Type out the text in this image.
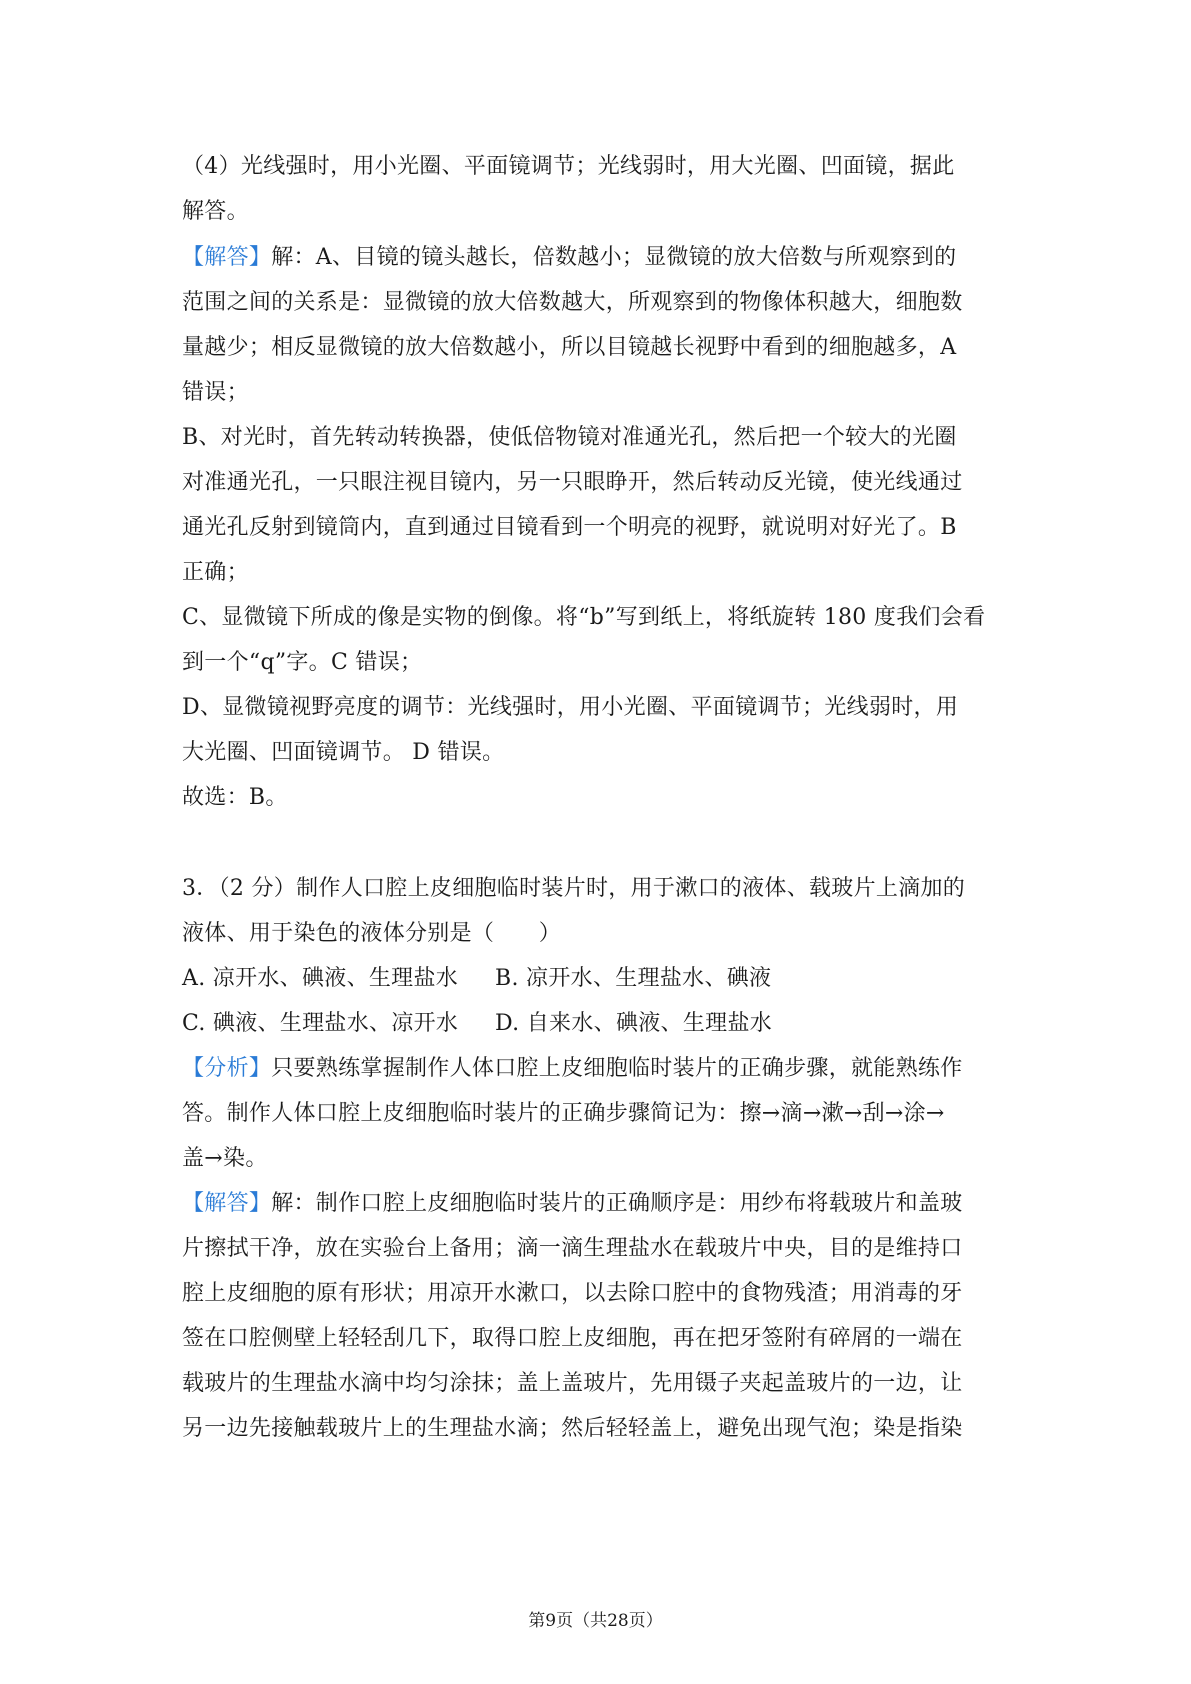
（4）光线强时，用小光圈、平面镜调节；光线弱时，用大光圈、凹面镜，据此
解答。
【解答】解：A、目镜的镜头越长，倍数越小；显微镜的放大倍数与所观察到的
范围之间的关系是：显微镜的放大倍数越大，所观察到的物像体积越大，细胞数
量越少；相反显微镜的放大倍数越小，所以目镜越长视野中看到的细胞越多，A
错误；
B、对光时，首先转动转换器，使低倍物镜对准通光孔，然后把一个较大的光圈
对准通光孔，一只眼注视目镜内，另一只眼睁开，然后转动反光镜，使光线通过
通光孔反射到镜筒内，直到通过目镜看到一个明亮的视野，就说明对好光了。B
正确；
C、显微镜下所成的像是实物的倒像。将“b”写到纸上，将纸旋转 180 度我们会看
到一个“q”字。C 错误；
D、显微镜视野亮度的调节：光线强时，用小光圈、平面镜调节；光线弱时，用
大光圈、凹面镜调节。 D 错误。
故选：B。
3．（2 分）制作人口腔上皮细胞临时装片时，用于漱口的液体、载玻片上滴加的
液体、用于染色的液体分别是（　　）
A. 凉开水、碘液、生理盐水 B. 凉开水、生理盐水、碘液
C. 碘液、生理盐水、凉开水 D. 自来水、碘液、生理盐水
【分析】只要熟练掌握制作人体口腔上皮细胞临时装片的正确步骤，就能熟练作
答。制作人体口腔上皮细胞临时装片的正确步骤简记为：擦→滴→漱→刮→涂→
盖→染。
【解答】解：制作口腔上皮细胞临时装片的正确顺序是：用纱布将载玻片和盖玻
片擦拭干净，放在实验台上备用；滴一滴生理盐水在载玻片中央，目的是维持口
腔上皮细胞的原有形状；用凉开水漱口，以去除口腔中的食物残渣；用消毒的牙
签在口腔侧壁上轻轻刮几下，取得口腔上皮细胞，再在把牙签附有碎屑的一端在
载玻片的生理盐水滴中均匀涂抹；盖上盖玻片，先用镊子夹起盖玻片的一边，让
另一边先接触载玻片上的生理盐水滴；然后轻轻盖上，避免出现气泡；染是指染
第9页（共28页）
